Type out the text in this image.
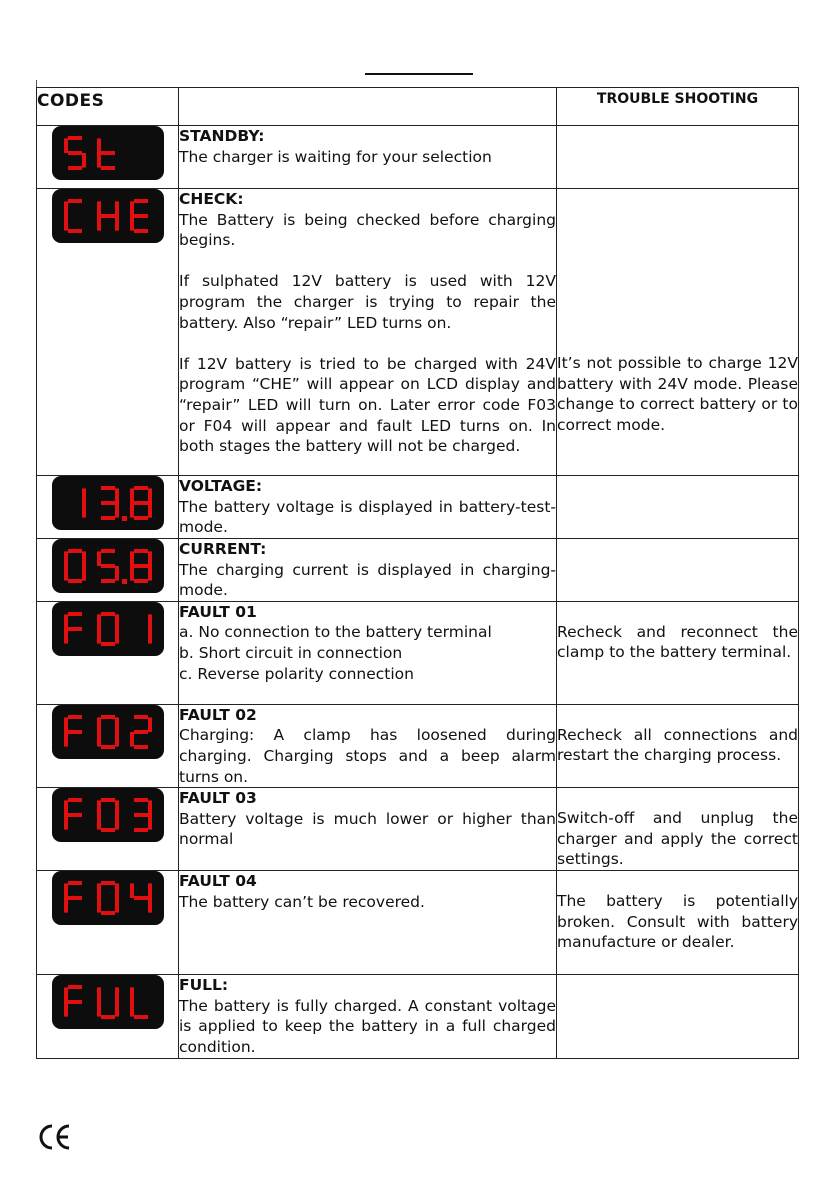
CODES		TROUBLE SHOOTING

STANDBY:
The charger is waiting for your selection	

CHECK:
The Battery is being checked before charging begins.
If sulphated 12V battery is used with 12V program the charger is trying to repair the battery. Also “repair” LED turns on.
If 12V battery is tried to be charged with 24V program “CHE” will appear on LCD display and “repair” LED will turn on. Later error code F03 or F04 will appear and fault LED turns on. In both stages the battery will not be charged.	It’s not possible to charge 12V battery with 24V mode. Please change to correct battery or to correct mode.

VOLTAGE:
The battery voltage is displayed in battery-test-mode.	

CURRENT:
The charging current is displayed in charging-mode.	

FAULT 01
a. No connection to the battery terminal
b. Short circuit in connection
c. Reverse polarity connection	Recheck and reconnect the clamp to the battery terminal.

FAULT 02
Charging: A clamp has loosened during charging. Charging stops and a beep alarm turns on.	Recheck all connections and restart the charging process.

FAULT 03
Battery voltage is much lower or higher than normal	Switch-off and unplug the charger and apply the correct settings.

FAULT 04
The battery can’t be recovered.	The battery is potentially broken. Consult with battery manufacture or dealer.

FULL:
The battery is fully charged. A constant voltage is applied to keep the battery in a full charged condition.	
